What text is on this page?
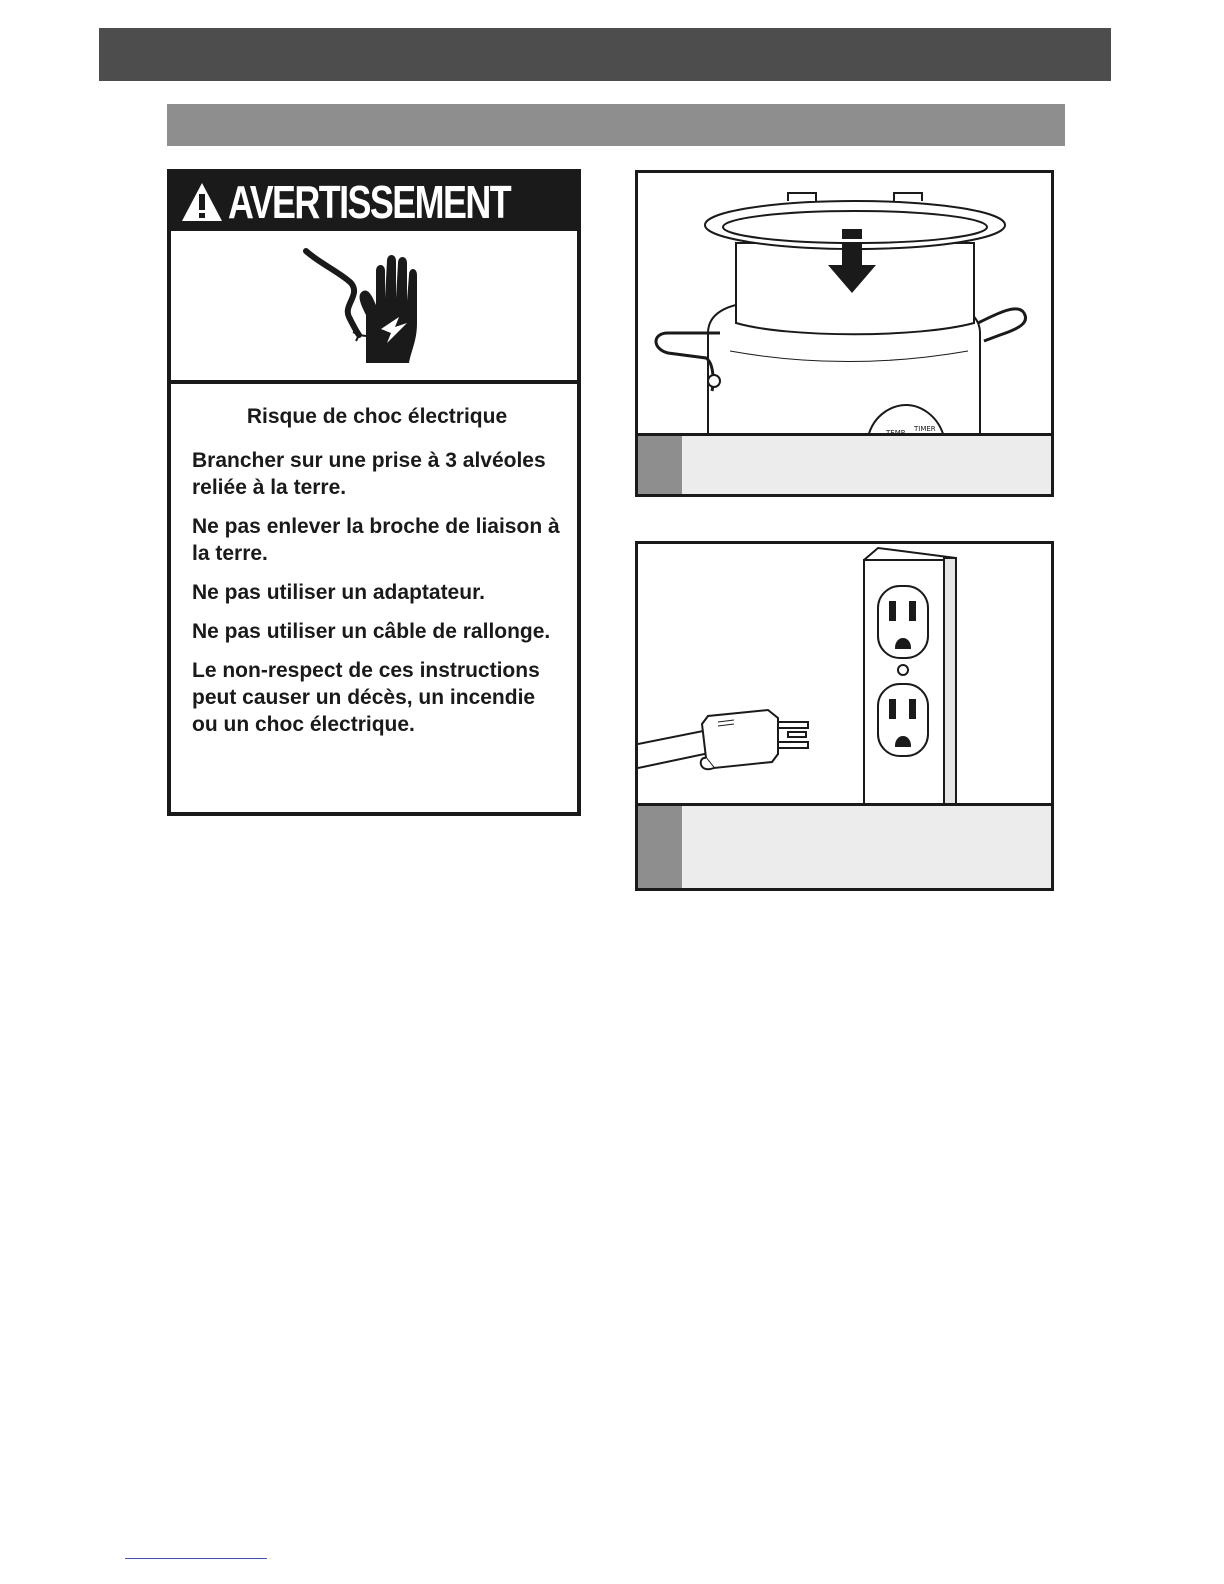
AVERTISSEMENT
Risque de choc électrique

Brancher sur une prise à 3 alvéoles reliée à la terre.

Ne pas enlever la broche de liaison à la terre.

Ne pas utiliser un adaptateur.

Ne pas utiliser un câble de rallonge.

Le non-respect de ces instructions peut causer un décès, un incendie ou un choc électrique.

TIMER
